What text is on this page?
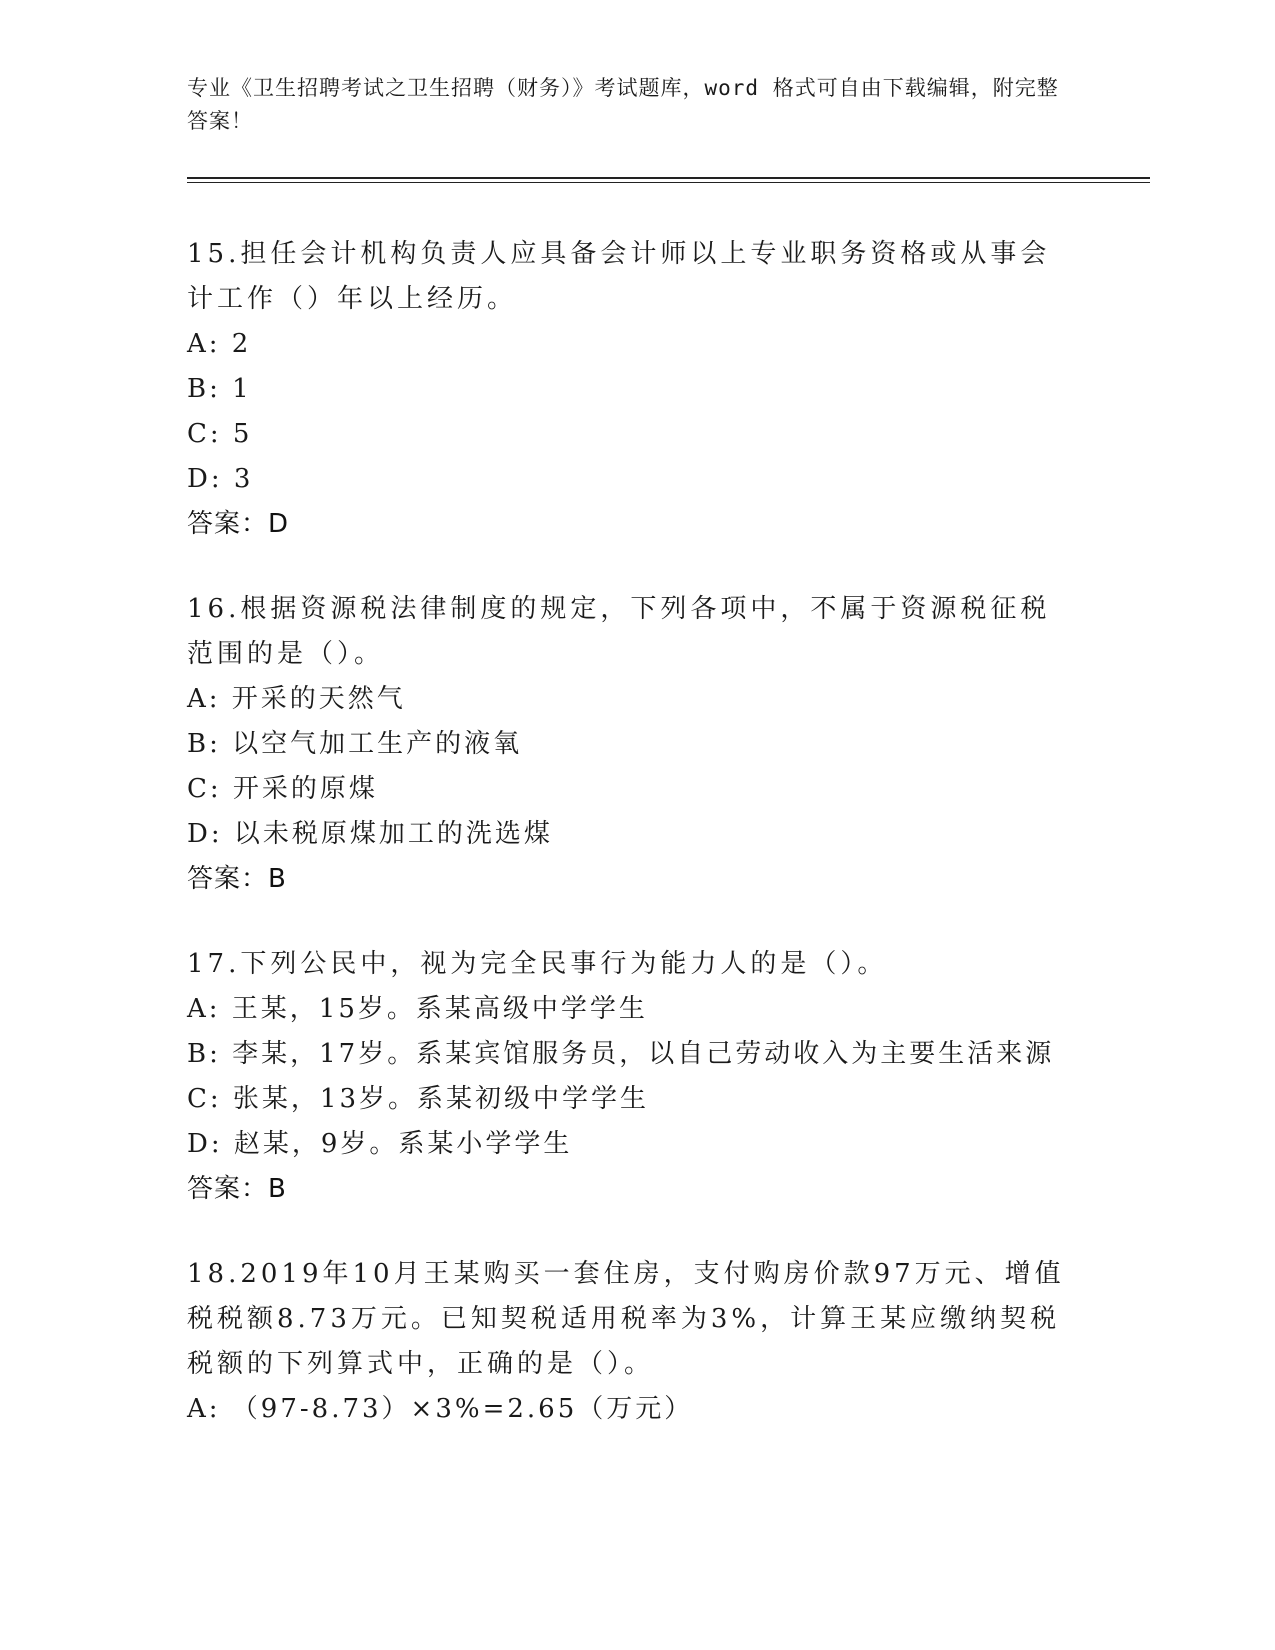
专业《卫生招聘考试之卫生招聘（财务）》考试题库，word 格式可自由下载编辑，附完整答案！

15.担任会计机构负责人应具备会计师以上专业职务资格或从事会计工作（）年以上经历。

A: 2
B: 1
C: 5
D: 3
答案：D

16.根据资源税法律制度的规定，下列各项中，不属于资源税征税范围的是（）。

A: 开采的天然气
B: 以空气加工生产的液氧
C: 开采的原煤
D: 以未税原煤加工的洗选煤
答案：B

17.下列公民中，视为完全民事行为能力人的是（）。

A: 王某，15岁。系某高级中学学生
B: 李某，17岁。系某宾馆服务员，以自己劳动收入为主要生活来源
C: 张某，13岁。系某初级中学学生
D: 赵某，9岁。系某小学学生
答案：B

18.2019年10月王某购买一套住房，支付购房价款97万元、增值税税额8.73万元。已知契税适用税率为3%，计算王某应缴纳契税税额的下列算式中，正确的是（）。

A: （97-8.73）×3%=2.65（万元）
